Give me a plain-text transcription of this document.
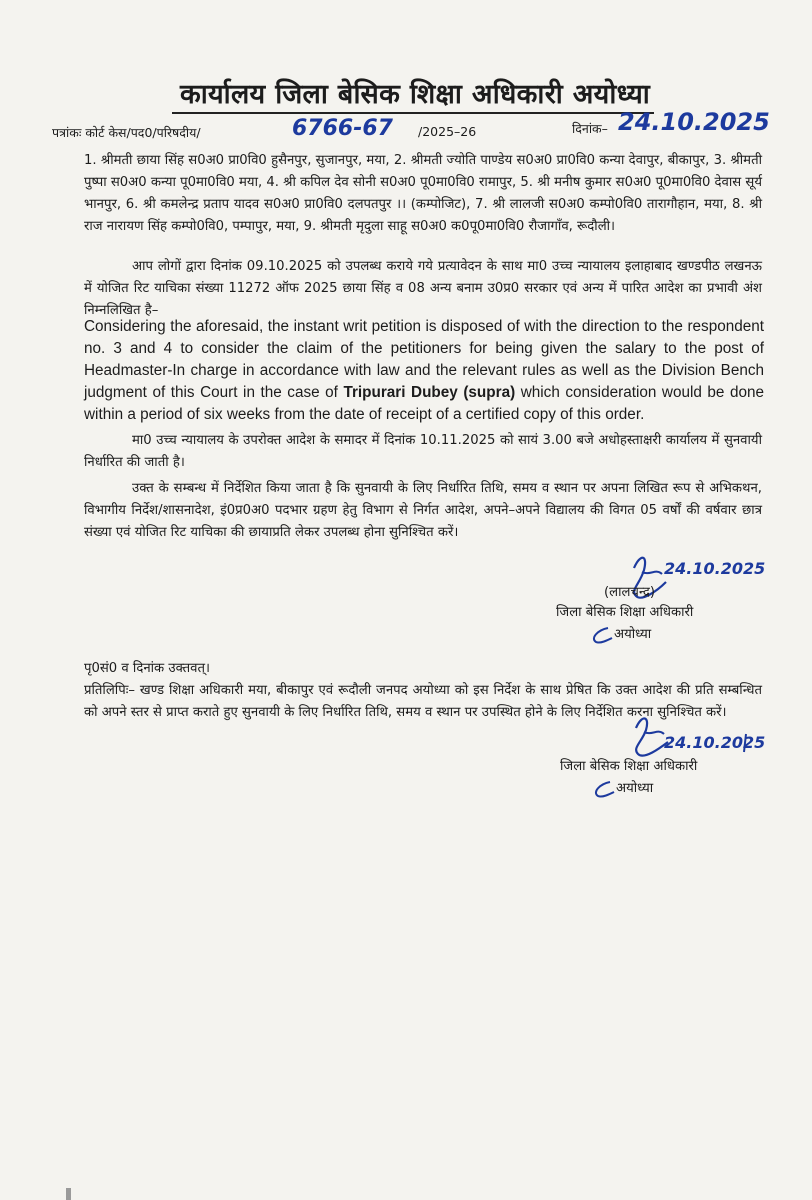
कार्यालय जिला बेसिक शिक्षा अधिकारी अयोध्या
पत्रांकः कोर्ट केस/पद0/परिषदीय/	6766-67 /2025–26	दिनांक– 24.10.2025

1. श्रीमती छाया सिंह स0अ0 प्रा0वि0 हुसैनपुर, सुजानपुर, मया, 2. श्रीमती ज्योति पाण्डेय स0अ0 प्रा0वि0 कन्या देवापुर, बीकापुर, 3. श्रीमती पुष्पा स0अ0 कन्या पू0मा0वि0 मया, 4. श्री कपिल देव सोनी स0अ0 पू0मा0वि0 रामापुर, 5. श्री मनीष कुमार स0अ0 पू0मा0वि0 देवास सूर्य भानपुर, 6. श्री कमलेन्द्र प्रताप यादव स0अ0 प्रा0वि0 दलपतपुर ।। (कम्पोजिट), 7. श्री लालजी स0अ0 कम्पो0वि0 तारागौहान, मया, 8. श्री राज नारायण सिंह कम्पो0वि0, पम्पापुर, मया, 9. श्रीमती मृदुला साहू स0अ0 क0पू0मा0वि0 रौजागाँव, रूदौली।

आप लोगों द्वारा दिनांक 09.10.2025 को उपलब्ध कराये गये प्रत्यावेदन के साथ मा0 उच्च न्यायालय इलाहाबाद खण्डपीठ लखनऊ में योजित रिट याचिका संख्या 11272 ऑफ 2025 छाया सिंह व 08 अन्य बनाम उ0प्र0 सरकार एवं अन्य में पारित आदेश का प्रभावी अंश निम्नलिखित है–

Considering the aforesaid, the instant writ petition is disposed of with the direction to the respondent no. 3 and 4 to consider the claim of the petitioners for being given the salary to the post of Headmaster-In charge in accordance with law and the relevant rules as well as the Division Bench judgment of this Court in the case of Tripurari Dubey (supra) which consideration would be done within a period of six weeks from the date of receipt of a certified copy of this order.

मा0 उच्च न्यायालय के उपरोक्त आदेश के समादर में दिनांक 10.11.2025 को सायं 3.00 बजे अधोहस्ताक्षरी कार्यालय में सुनवायी निर्धारित की जाती है।

उक्त के सम्बन्ध में निर्देशित किया जाता है कि सुनवायी के लिए निर्धारित तिथि, समय व स्थान पर अपना लिखित रूप से अभिकथन, विभागीय निर्देश/शासनादेश, इं0प्र0अ0 पदभार ग्रहण हेतु विभाग से निर्गत आदेश, अपने–अपने विद्यालय की विगत 05 वर्षों की वर्षवार छात्र संख्या एवं योजित रिट याचिका की छायाप्रति लेकर उपलब्ध होना सुनिश्चित करें।

24.10.2025
(लालचन्द्र)
जिला बेसिक शिक्षा अधिकारी
अयोध्या
पृ0सं0 व दिनांक उक्तवत्।

प्रतिलिपिः– खण्ड शिक्षा अधिकारी मया, बीकापुर एवं रूदौली जनपद अयोध्या को इस निर्देश के साथ प्रेषित कि उक्त आदेश की प्रति सम्बन्धित को अपने स्तर से प्राप्त कराते हुए सुनवायी के लिए निर्धारित तिथि, समय व स्थान पर उपस्थित होने के लिए निर्देशित करना सुनिश्चित करें।

24.10.2025
जिला बेसिक शिक्षा अधिकारी
अयोध्या
